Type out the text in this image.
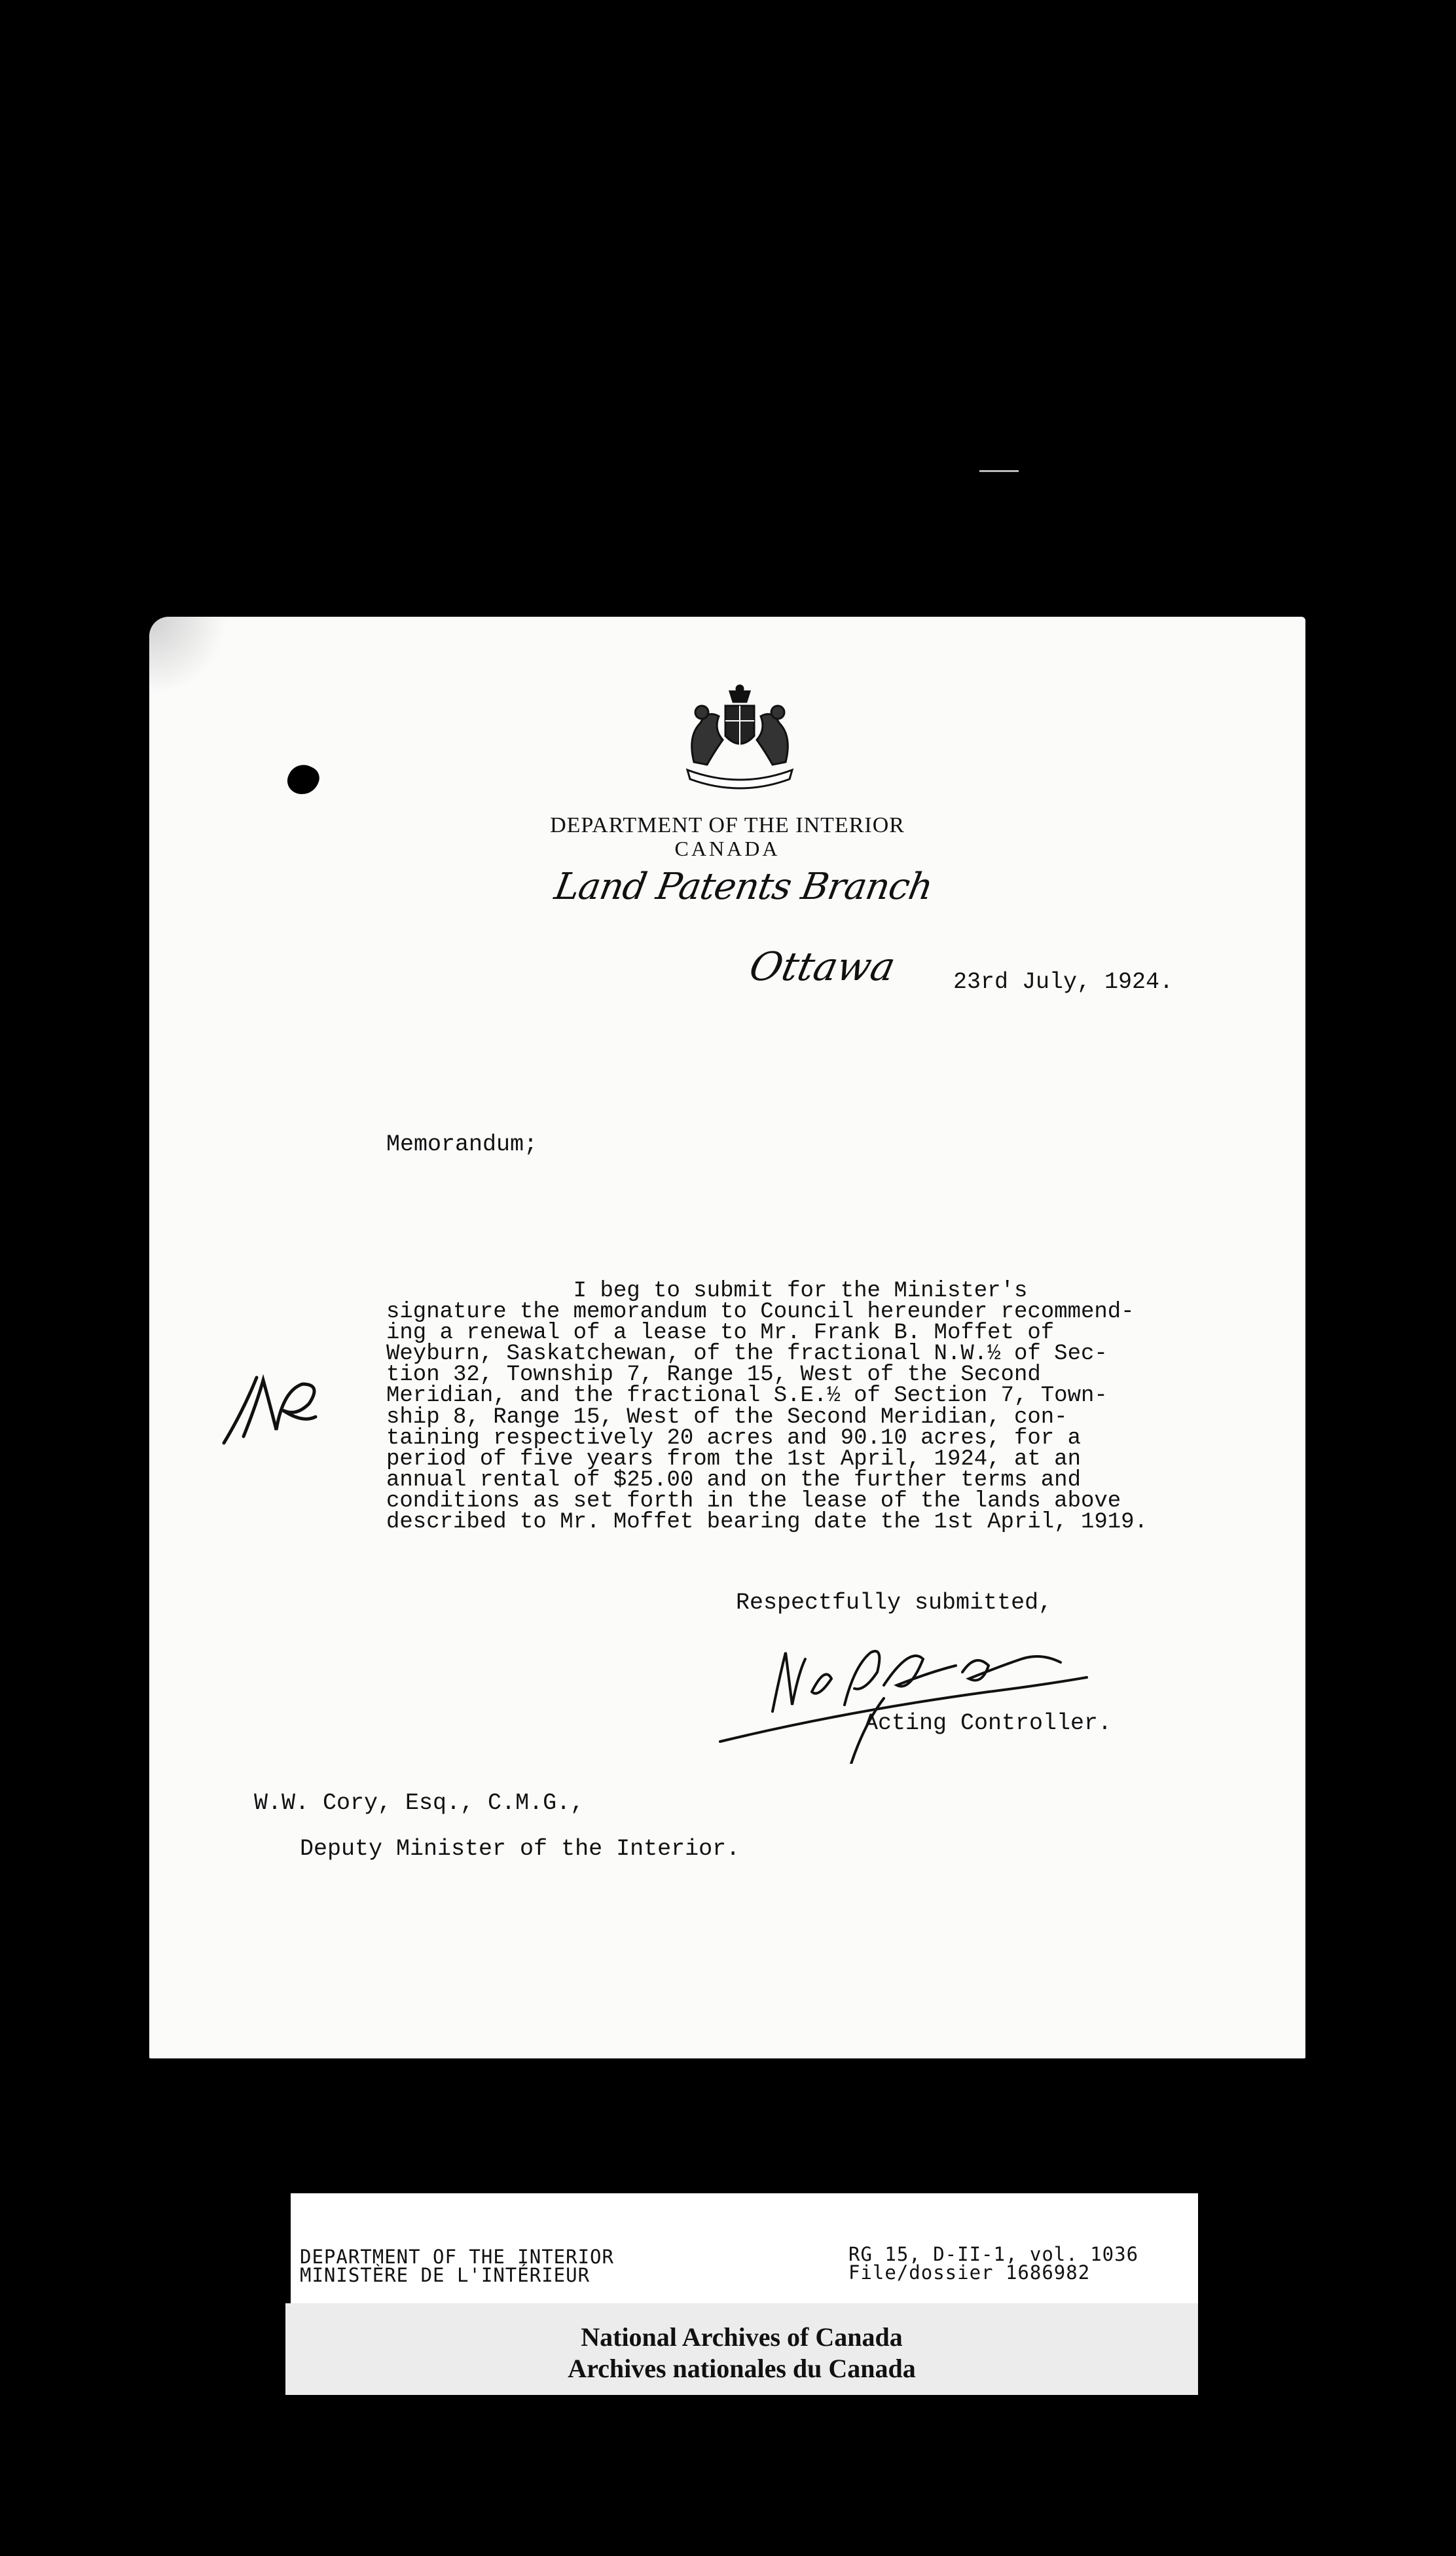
DEPARTMENT OF THE INTERIOR
CANADA
Land Patents Branch
Ottawa 23rd July, 1924.
Memorandum;
I beg to submit for the Minister's
signature the memorandum to Council hereunder recommend-
ing a renewal of a lease to Mr. Frank B. Moffet of
Weyburn, Saskatchewan, of the fractional N.W.½ of Sec-
tion 32, Township 7, Range 15, West of the Second
Meridian, and the fractional S.E.½ of Section 7, Town-
ship 8, Range 15, West of the Second Meridian, con-
taining respectively 20 acres and 90.10 acres, for a
period of five years from the 1st April, 1924, at an
annual rental of $25.00 and on the further terms and
conditions as set forth in the lease of the lands above
described to Mr. Moffet bearing date the 1st April, 1919.
Respectfully submitted,
Acting Controller.
W.W. Cory, Esq., C.M.G.,
Deputy Minister of the Interior.
DEPARTMENT OF THE INTERIOR
MINISTÈRE DE L'INTÉRIEUR
RG 15, D-II-1, vol. 1036
File/dossier 1686982
National Archives of Canada
Archives nationales du Canada
